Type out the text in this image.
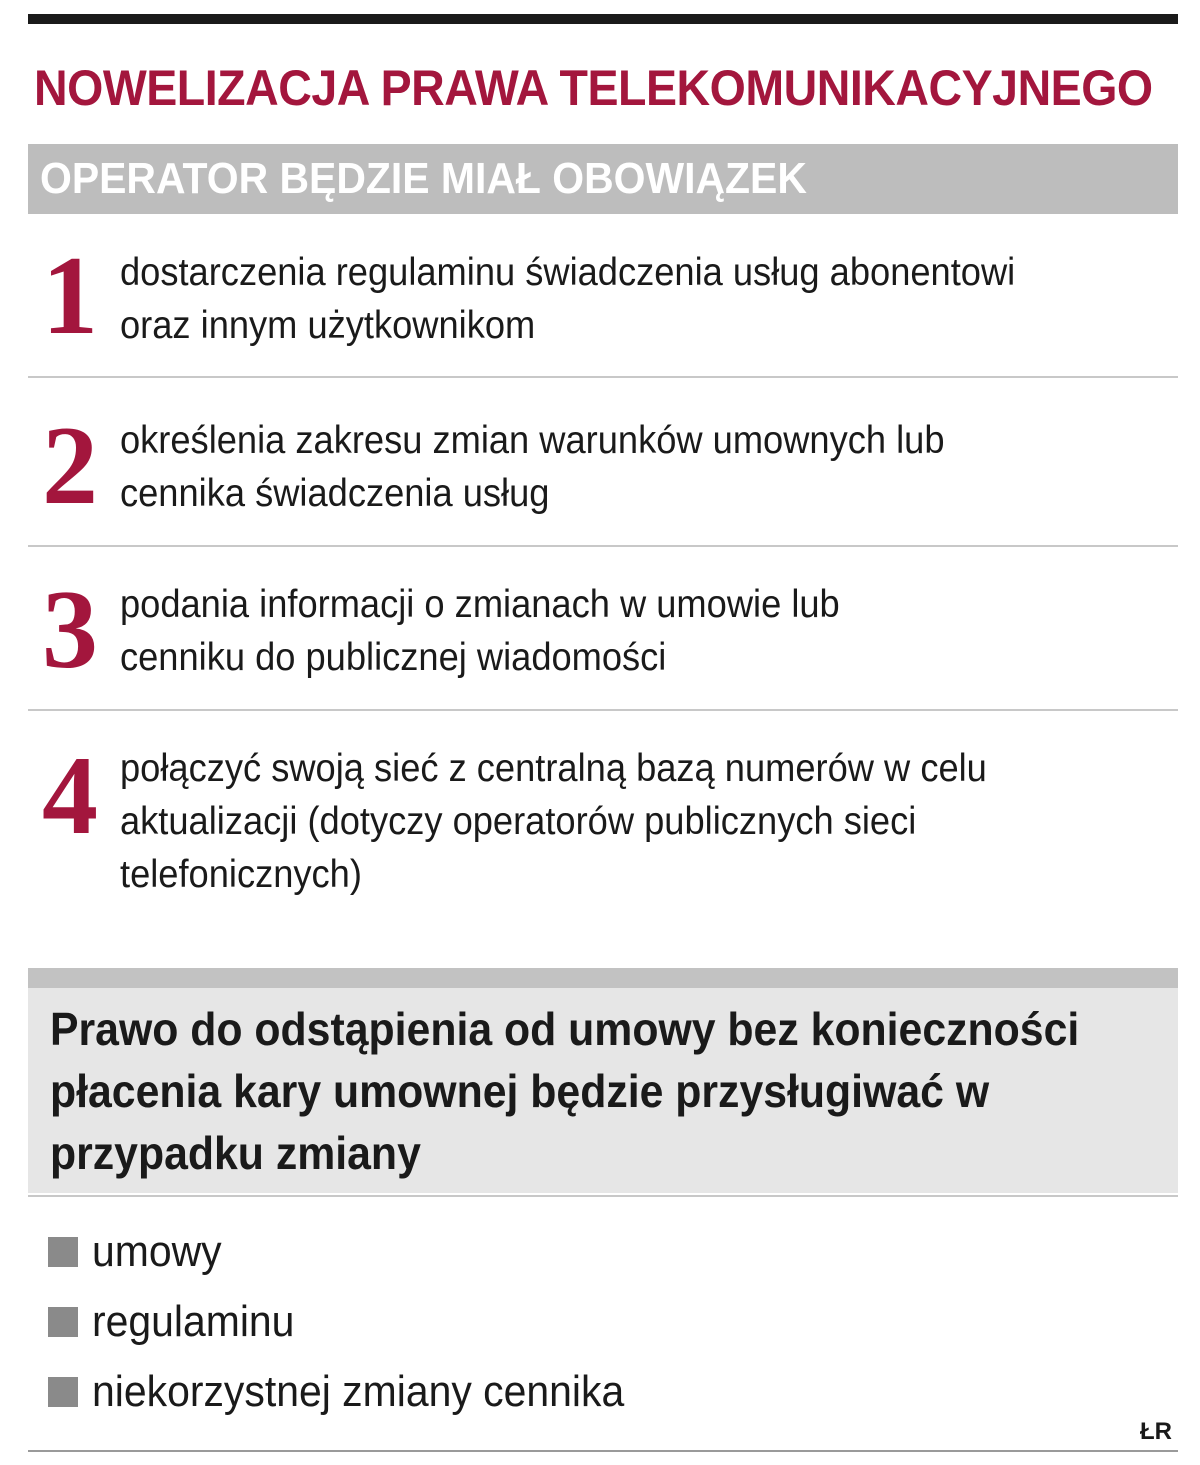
NOWELIZACJA PRAWA TELEKOMUNIKACYJNEGO
OPERATOR BĘDZIE MIAŁ OBOWIĄZEK
1 dostarczenia regulaminu świadczenia usług abonentowi oraz innym użytkownikom
2 określenia zakresu zmian warunków umownych lub cennika świadczenia usług
3 podania informacji o zmianach w umowie lub cenniku do publicznej wiadomości
4 połączyć swoją sieć z centralną bazą numerów w celu aktualizacji (dotyczy operatorów publicznych sieci telefonicznych)
Prawo do odstąpienia od umowy bez konieczności płacenia kary umownej będzie przysługiwać w przypadku zmiany
umowy
regulaminu
niekorzystnej zmiany cennika
ŁR
